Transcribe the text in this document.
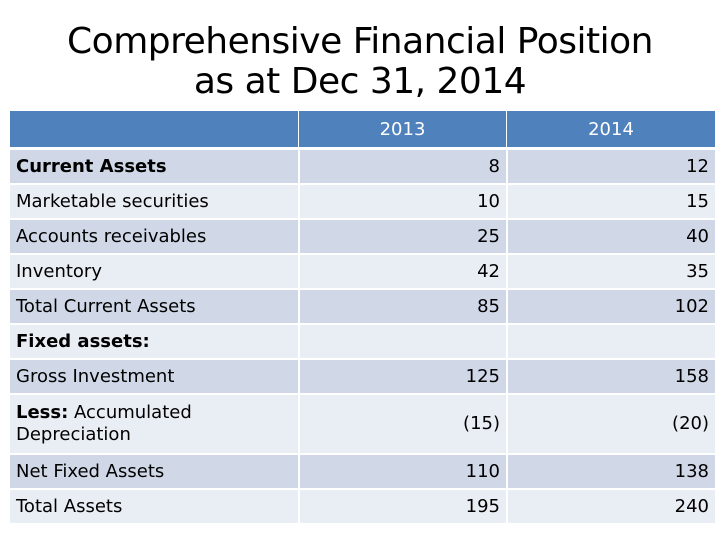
Comprehensive Financial Position
as at Dec 31, 2014
	2013	2014
Current Assets	8	12
Marketable securities	10	15
Accounts receivables	25	40
Inventory	42	35
Total Current Assets	85	102
Fixed assets:		
Gross Investment	125	158
Less: Accumulated Depreciation	(15)	(20)
Net Fixed Assets	110	138
Total Assets	195	240
